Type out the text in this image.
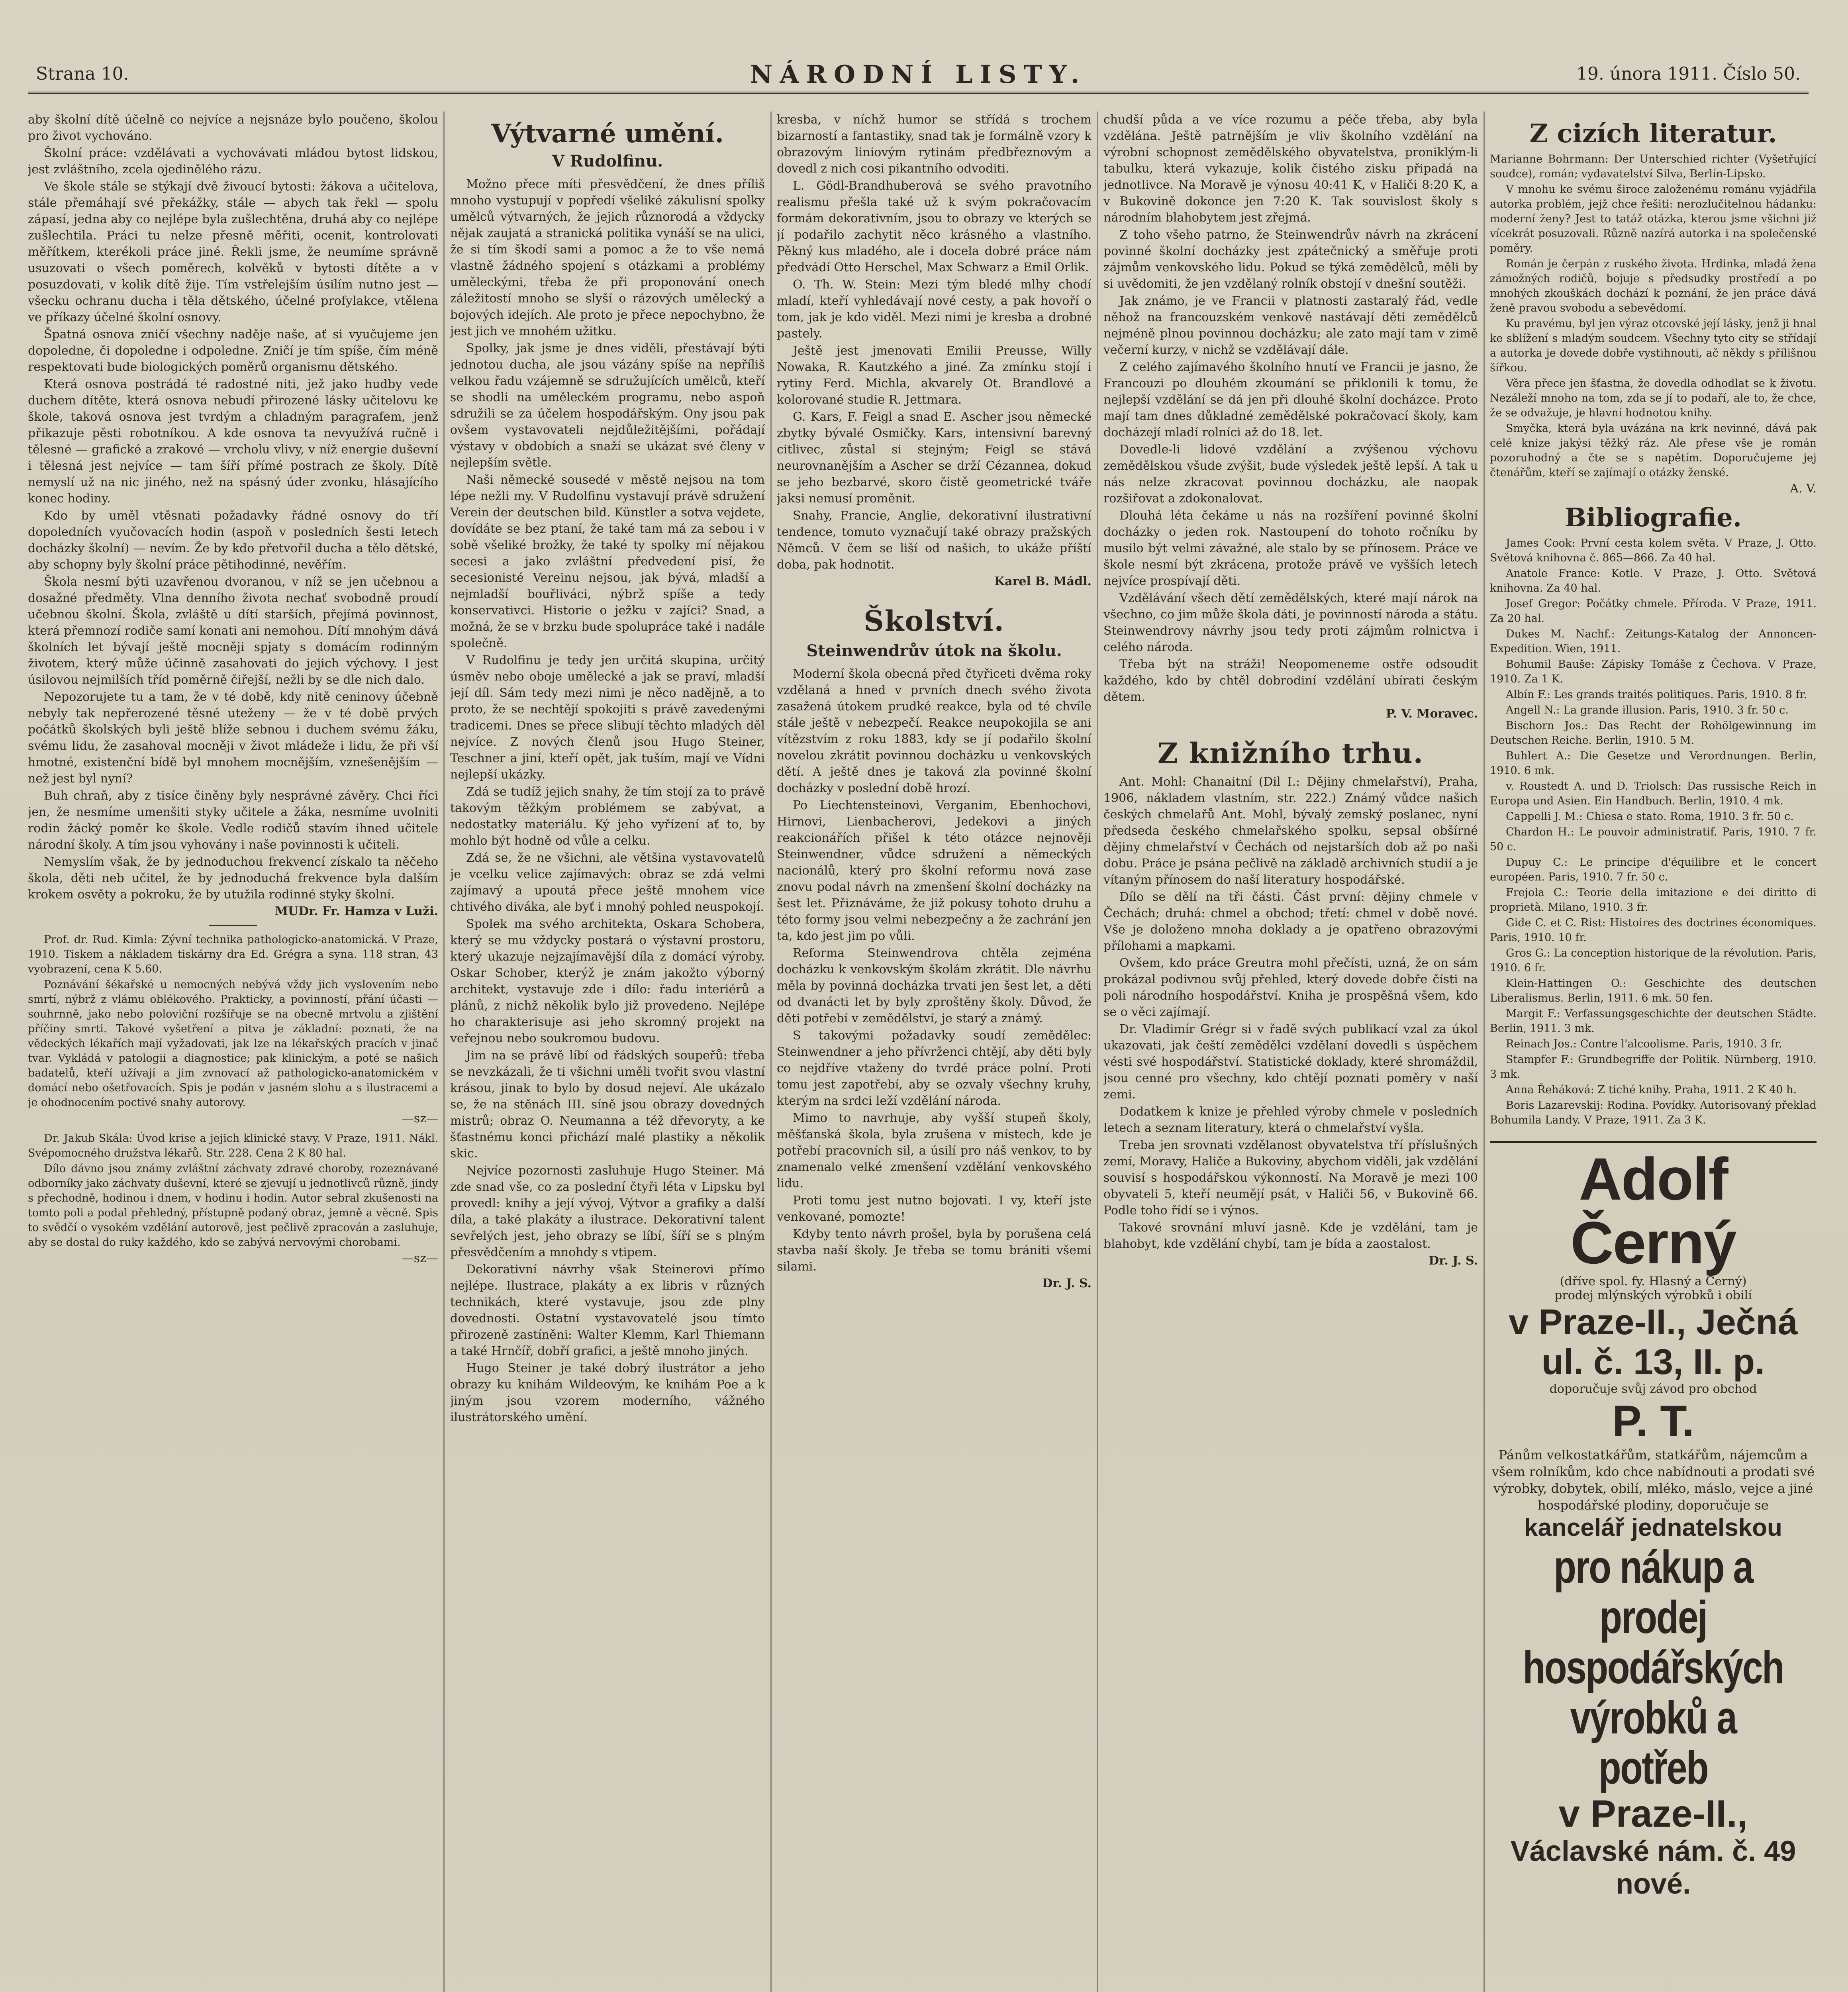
Strana 10.	NÁRODNÍ LISTY.	19. února 1911. Číslo 50.

aby školní dítě účelně co nejvíce a nejsnáze bylo poučeno, školou pro život vychováno.

Školní práce: vzdělávati a vychovávati mládou bytost lidskou, jest zvláštního, zcela ojedinělého rázu.

Ve škole stále se stýkají dvě živoucí bytosti: žákova a učitelova, stále přemáhají své překážky, stále — abych tak řekl — spolu zápasí, jedna aby co nejlépe byla zušlechtěna, druhá aby co nejlépe zušlechtila. Práci tu nelze přesně měřiti, ocenit, kontrolovati měřítkem, kterékoli práce jiné. Řekli jsme, že neumíme správně usuzovati o všech poměrech, kolvěků v bytosti dítěte a v posuzdovati, v kolik dítě žije. Tím vstřelejším úsilím nutno jest — všecku ochranu ducha i těla dětského, účelné profylakce, vtělena ve příkazy účelné školní osnovy.

Špatná osnova zničí všechny naděje naše, ať si vyučujeme jen dopoledne, či dopoledne i odpoledne. Zničí je tím spíše, čím méně respektovati bude biologických poměrů organismu dětského.

Která osnova postrádá té radostné niti, jež jako hudby vede duchem dítěte, která osnova nebudí přirozené lásky učitelovu ke škole, taková osnova jest tvrdým a chladným paragrafem, jenž přikazuje pěsti robotníkou. A kde osnova ta nevyužívá ručně i tělesné — grafické a zrakové — vrcholu vlivy, v níž energie duševní i tělesná jest nejvíce — tam šíří přímé postrach ze školy. Dítě nemyslí už na nic jiného, než na spásný úder zvonku, hlásajícího konec hodiny.

Kdo by uměl vtěsnati požadavky řádné osnovy do tří dopoledních vyučovacích hodin (aspoň v posledních šesti letech docházky školní) — nevím. Že by kdo přetvořil ducha a tělo dětské, aby schopny byly školní práce pětihodinné, nevěřím.

Škola nesmí býti uzavřenou dvoranou, v níž se jen učebnou a dosažné předměty. Vlna denního života nechať svobodně proudí učebnou školní. Škola, zvláště u dítí starších, přejímá povinnost, která přemnozí rodiče samí konati ani nemohou. Dítí mnohým dává školních let bývají ještě mocněji spjaty s domácím rodinným životem, který může účinně zasahovati do jejich výchovy. I jest úsilovou nejmilších tříd poměrně čiřejší, nežli by se dle nich dalo.

Nepozorujete tu a tam, že v té době, kdy nitě ceninovy účebně nebyly tak nepřerozené těsné uteženy — že v té době prvých počátků školských byli ještě blíže sebnou i duchem svému žáku, svému lidu, že zasahoval mocněji v život mládeže i lidu, že při vší hmotné, existenční bídě byl mnohem mocnějším, vznešenějším — než jest byl nyní?

Buh chraň, aby z tisíce činěny byly nesprávné závěry. Chci říci jen, že nesmíme umenšiti styky učitele a žáka, nesmíme uvolniti rodin žácký poměr ke škole. Vedle rodičů stavím ihned učitele národní školy. A tím jsou vyhovány i naše povinnosti k učiteli.

Nemyslím však, že by jednoduchou frekvencí získalo ta něčeho škola, děti neb učitel, že by jednoduchá frekvence byla dalším krokem osvěty a pokroku, že by utužila rodinné styky školní.

MUDr. Fr. Hamza v Luži.

Prof. dr. Rud. Kimla: Zývní technika pathologicko-anatomická. V Praze, 1910. Tiskem a nákladem tiskárny dra Ed. Grégra a syna. 118 stran, 43 vyobrazení, cena K 5.60.

Poznávání šékařské u nemocných nebývá vždy jich vyslovením nebo smrtí, nýbrž z vlámu oblékového. Prakticky, a povinností, přání účasti — souhrnně, jako nebo poloviční rozšířuje se na obecně mrtvolu a zjištění příčiny smrti. Takové vyšetření a pitva je základní: poznati, že na vědeckých lékařích mají vyžadovati, jak lze na lékařských pracích v jinač tvar. Vykládá v patologii a diagnostice; pak klinickým, a poté se našich badatelů, kteří užívají a jim zvnovací až pathologicko-anatomickém v domácí nebo ošetřovacích. Spis je podán v jasném slohu a s ilustracemi a je ohodnocením poctivé snahy autorovy.

—sz—

Dr. Jakub Skála: Úvod krise a jejich klinické stavy. V Praze, 1911. Nákl. Svépomocného družstva lékařů. Str. 228. Cena 2 K 80 hal.

Dílo dávno jsou známy zvláštní záchvaty zdravé choroby, rozeznávané odborníky jako záchvaty duševní, které se zjevují u jednotlivců různě, jindy s přechodně, hodinou i dnem, v hodinu i hodin. Autor sebral zkušenosti na tomto poli a podal přehledný, přístupně podaný obraz, jemně a věcně. Spis to svědčí o vysokém vzdělání autorově, jest pečlivě zpracován a zasluhuje, aby se dostal do ruky každého, kdo se zabývá nervovými chorobami.

—sz—
Výtvarné umění.
V Rudolfinu.

Možno přece míti přesvědčení, že dnes příliš mnoho vystupují v popředí všeliké zákulisní spolky umělců výtvarných, že jejich různorodá a vždycky nějak zaujatá a stranická politika vynáší se na ulici, že si tím škodí sami a pomoc a že to vše nemá vlastně žádného spojení s otázkami a problémy uměleckými, třeba že při proponování onech záležitostí mnoho se slyší o rázových umělecký a bojových idejích. Ale proto je přece nepochybno, že jest jich ve mnohém užitku.

Spolky, jak jsme je dnes viděli, přestávají býti jednotou ducha, ale jsou vázány spíše na nepříliš velkou řadu vzájemně se sdružujících umělců, kteří se shodli na uměleckém programu, nebo aspoň sdružili se za účelem hospodářským. Ony jsou pak ovšem vystavovateli nejdůležitějšími, pořádají výstavy v obdobích a snaží se ukázat své členy v nejlepším světle.

Naši německé sousedé v městě nejsou na tom lépe nežli my. V Rudolfinu vystavují právě sdružení Verein der deutschen bild. Künstler a sotva vejdete, dovídáte se bez ptaní, že také tam má za sebou i v sobě všeliké brožky, že také ty spolky mí nějakou secesi a jako zvláštní předvedení pisí, že secesionisté Vereinu nejsou, jak bývá, mladší a nejmladší bouřliváci, nýbrž spíše a tedy konservativci. Historie o ježku v zajíci? Snad, a možná, že se v brzku bude spolupráce také i nadále společně.

V Rudolfinu je tedy jen určitá skupina, určitý úsměv nebo oboje umělecké a jak se praví, mladší její díl. Sám tedy mezi nimi je něco nadějně, a to proto, že se nechtějí spokojiti s právě zavedenými tradicemi. Dnes se přece slibují těchto mladých děl nejvíce. Z nových členů jsou Hugo Steiner, Teschner a jiní, kteří opět, jak tuším, mají ve Vídni nejlepší ukázky.

Zdá se tudíž jejich snahy, že tím stojí za to právě takovým těžkým problémem se zabývat, a nedostatky materiálu. Ký jeho vyřízení ať to, by mohlo být hodně od vůle a celku.

Zdá se, že ne všichni, ale většina vystavovatelů je vcelku velice zajímavých: obraz se zdá velmi zajímavý a upoutá přece ještě mnohem více chtivého diváka, ale byť i mnohý pohled neuspokojí.

Spolek ma svého architekta, Oskara Schobera, který se mu vždycky postará o výstavní prostoru, který ukazuje nejzajímavější díla z domácí výroby. Oskar Schober, kterýž je znám jakožto výborný architekt, vystavuje zde i dílo: řadu interiérů a plánů, z nichž několik bylo již provedeno. Nejlépe ho charakterisuje asi jeho skromný projekt na veřejnou nebo soukromou budovu.

Jim na se právě líbí od řádských soupeřů: třeba se nevzkázali, že ti všichni uměli tvořit svou vlastní krásou, jinak to bylo by dosud nejeví. Ale ukázalo se, že na stěnách III. síně jsou obrazy dovedných mistrů; obraz O. Neumanna a též dřevoryty, a ke šťastnému konci přichází malé plastiky a několik skic.

Nejvíce pozornosti zasluhuje Hugo Steiner. Má zde snad vše, co za poslední čtyři léta v Lipsku byl provedl: knihy a její vývoj, Výtvor a grafiky a další díla, a také plakáty a ilustrace. Dekorativní talent sevřelých jest, jeho obrazy se líbí, šíří se s plným přesvědčením a mnohdy s vtipem.

Dekorativní návrhy však Steinerovi přímo nejlépe. Ilustrace, plakáty a ex libris v různých technikách, které vystavuje, jsou zde plny dovednosti. Ostatní vystavovatelé jsou tímto přirozeně zastíněni: Walter Klemm, Karl Thiemann a také Hrnčíř, dobří grafici, a ještě mnoho jiných.

Hugo Steiner je také dobrý ilustrátor a jeho obrazy ku knihám Wildeovým, ke knihám Poe a k jiným jsou vzorem moderního, vážného ilustrátorského umění.

kresba, v níchž humor se střídá s trochem bizarností a fantastiky, snad tak je formálně vzory k obrazovým liniovým rytinám předbřeznovým a dovedl z nich cosi pikantního odvoditi.

L. Gödl-Brandhuberová se svého pravotního realismu přešla také už k svým pokračovacím formám dekorativním, jsou to obrazy ve kterých se jí podařilo zachytit něco krásného a vlastního. Pěkný kus mladého, ale i docela dobré práce nám předvádí Otto Herschel, Max Schwarz a Emil Orlik.

O. Th. W. Stein: Mezi tým bledé mlhy chodí mladí, kteří vyhledávají nové cesty, a pak hovoří o tom, jak je kdo viděl. Mezi nimi je kresba a drobné pastely.

Ještě jest jmenovati Emilii Preusse, Willy Nowaka, R. Kautzkého a jiné. Za zmínku stojí i rytiny Ferd. Michla, akvarely Ot. Brandlové a kolorované studie R. Jettmara.

G. Kars, F. Feigl a snad E. Ascher jsou německé zbytky bývalé Osmičky. Kars, intensivní barevný citlivec, zůstal si stejným; Feigl se stává neurovnanějším a Ascher se drží Cézannea, dokud se jeho bezbarvé, skoro čistě geometrické tváře jaksi nemusí proměnit.

Snahy, Francie, Anglie, dekorativní ilustrativní tendence, tomuto vyznačují také obrazy pražských Němců. V čem se liší od našich, to ukáže příští doba, pak hodnotit.

Karel B. Mádl.
Školství.
Steinwendrův útok na školu.

Moderní škola obecná před čtyřiceti dvěma roky vzdělaná a hned v prvních dnech svého života zasažená útokem prudké reakce, byla od té chvíle stále ještě v nebezpečí. Reakce neupokojila se ani vítězstvím z roku 1883, kdy se jí podařilo školní novelou zkrátit povinnou docházku u venkovských dětí. A ještě dnes je taková zla povinné školní docházky v poslední době hrozí.

Po Liechtensteinovi, Verganim, Ebenhochovi, Hirnovi, Lienbacherovi, Jedekovi a jiných reakcionářích přišel k této otázce nejnověji Steinwendner, vůdce sdružení a německých nacionálů, který pro školní reformu nová zase znovu podal návrh na zmenšení školní docházky na šest let. Přiznáváme, že již pokusy tohoto druhu a této formy jsou velmi nebezpečny a že zachrání jen ta, kdo jest jim po vůli.

Reforma Steinwendrova chtěla zejména docházku k venkovským školám zkrátit. Dle návrhu měla by povinná docházka trvati jen šest let, a děti od dvanácti let by byly zproštěny školy. Důvod, že děti potřebí v zemědělství, je starý a známý.

S takovými požadavky soudí zemědělec: Steinwendner a jeho přívrženci chtějí, aby děti byly co nejdříve vtaženy do tvrdé práce polní. Proti tomu jest zapotřebí, aby se ozvaly všechny kruhy, kterým na srdci leží vzdělání národa.

Mimo to navrhuje, aby vyšší stupeň školy, měšťanská škola, byla zrušena v místech, kde je potřebí pracovních sil, a úsilí pro náš venkov, to by znamenalo velké zmenšení vzdělání venkovského lidu.

Proti tomu jest nutno bojovati. I vy, kteří jste venkované, pomozte!

Kdyby tento návrh prošel, byla by porušena celá stavba naší školy. Je třeba se tomu brániti všemi silami.

Dr. J. S.

chudší půda a ve více rozumu a péče třeba, aby byla vzdělána. Ještě patrnějším je vliv školního vzdělání na výrobní schopnost zemědělského obyvatelstva, proniklým-li tabulku, která vykazuje, kolik čistého zisku připadá na jednotlivce. Na Moravě je výnosu 40:41 K, v Haliči 8:20 K, a v Bukovině dokonce jen 7:20 K. Tak souvislost školy s národním blahobytem jest zřejmá.

Z toho všeho patrno, že Steinwendrův návrh na zkrácení povinné školní docházky jest zpátečnický a směřuje proti zájmům venkovského lidu. Pokud se týká zemědělců, měli by si uvědomiti, že jen vzdělaný rolník obstojí v dnešní soutěži.

Jak známo, je ve Francii v platnosti zastaralý řád, vedle něhož na francouzském venkově nastávají děti zemědělců nejméně plnou povinnou docházku; ale zato mají tam v zimě večerní kurzy, v nichž se vzdělávají dále.

Z celého zajímavého školního hnutí ve Francii je jasno, že Francouzi po dlouhém zkoumání se přiklonili k tomu, že nejlepší vzdělání se dá jen při dlouhé školní docházce. Proto mají tam dnes důkladné zemědělské pokračovací školy, kam docházejí mladí rolníci až do 18. let.

Dovedle-li lidové vzdělání a zvýšenou výchovu zemědělskou všude zvýšit, bude výsledek ještě lepší. A tak u nás nelze zkracovat povinnou docházku, ale naopak rozšiřovat a zdokonalovat.

Dlouhá léta čekáme u nás na rozšíření povinné školní docházky o jeden rok. Nastoupení do tohoto ročníku by musilo být velmi závažné, ale stalo by se přínosem. Práce ve škole nesmí být zkrácena, protože právě ve vyšších letech nejvíce prospívají děti.

Vzdělávání všech dětí zemědělských, které mají nárok na všechno, co jim může škola dáti, je povinností národa a státu. Steinwendrovy návrhy jsou tedy proti zájmům rolnictva i celého národa.

Třeba být na stráži! Neopomeneme ostře odsoudit každého, kdo by chtěl dobrodiní vzdělání ubírati českým dětem.

P. V. Moravec.
Z knižního trhu.

Ant. Mohl: Chanaitní (Dil I.: Dějiny chmelařství), Praha, 1906, nákladem vlastním, str. 222.) Známý vůdce našich českých chmelařů Ant. Mohl, bývalý zemský poslanec, nyní předseda českého chmelařského spolku, sepsal obšírné dějiny chmelařství v Čechách od nejstarších dob až po naši dobu. Práce je psána pečlivě na základě archivních studií a je vítaným přínosem do naší literatury hospodářské.

Dílo se dělí na tři části. Část první: dějiny chmele v Čechách; druhá: chmel a obchod; třetí: chmel v době nové. Vše je doloženo mnoha doklady a je opatřeno obrazovými přílohami a mapkami.

Ovšem, kdo práce Greutra mohl přečísti, uzná, že on sám prokázal podivnou svůj přehled, který dovede dobře čísti na poli národního hospodářství. Kniha je prospěšná všem, kdo se o věci zajímají.

Dr. Vladimír Grégr si v řadě svých publikací vzal za úkol ukazovati, jak čeští zemědělci vzdělaní dovedli s úspěchem vésti své hospodářství. Statistické doklady, které shromáždil, jsou cenné pro všechny, kdo chtějí poznati poměry v naší zemi.

Dodatkem k knize je přehled výroby chmele v posledních letech a seznam literatury, která o chmelařství vyšla.

Treba jen srovnati vzdělanost obyvatelstva tří příslušných zemí, Moravy, Haliče a Bukoviny, abychom viděli, jak vzdělání souvisí s hospodářskou výkonností. Na Moravě je mezi 100 obyvateli 5, kteří neumějí psát, v Haliči 56, v Bukovině 66. Podle toho řídí se i výnos.

Takové srovnání mluví jasně. Kde je vzdělání, tam je blahobyt, kde vzdělání chybí, tam je bída a zaostalost.

Dr. J. S.
Z cizích literatur.

Marianne Bohrmann: Der Unterschied richter (Vyšetřující soudce), román; vydavatelství Silva, Berlín-Lipsko.

V mnohu ke svému široce založenému románu vyjádřila autorka problém, jejž chce řešiti: nerozlučitelnou hádanku: moderní ženy? Jest to tatáž otázka, kterou jsme všichni již vícekrát posuzovali. Různě nazírá autorka i na společenské poměry.

Román je čerpán z ruského života. Hrdinka, mladá žena zámožných rodičů, bojuje s předsudky prostředí a po mnohých zkouškách dochází k poznání, že jen práce dává ženě pravou svobodu a sebevědomí.

Ku pravému, byl jen výraz otcovské její lásky, jenž ji hnal ke sblížení s mladým soudcem. Všechny tyto city se střídají a autorka je dovede dobře vystihnouti, ač někdy s přílišnou šířkou.

Věra přece jen šťastna, že dovedla odhodlat se k životu. Nezáleží mnoho na tom, zda se jí to podaří, ale to, že chce, že se odvažuje, je hlavní hodnotou knihy.

Smyčka, která byla uvázána na krk nevinné, dává pak celé knize jakýsi těžký ráz. Ale přese vše je román pozoruhodný a čte se s napětím. Doporučujeme jej čtenářům, kteří se zajímají o otázky ženské.

A. V.
Bibliografie.

James Cook: První cesta kolem světa. V Praze, J. Otto. Světová knihovna č. 865—866. Za 40 hal.

Anatole France: Kotle. V Praze, J. Otto. Světová knihovna. Za 40 hal.

Josef Gregor: Počátky chmele. Příroda. V Praze, 1911. Za 20 hal.

Dukes M. Nachf.: Zeitungs-Katalog der Annoncen-Expedition. Wien, 1911.

Bohumil Bauše: Zápisky Tomáše z Čechova. V Praze, 1910. Za 1 K.

Albín F.: Les grands traités politiques. Paris, 1910. 8 fr.

Angell N.: La grande illusion. Paris, 1910. 3 fr. 50 c.

Bischorn Jos.: Das Recht der Rohölgewinnung im Deutschen Reiche. Berlin, 1910. 5 M.

Buhlert A.: Die Gesetze und Verordnungen. Berlin, 1910. 6 mk.

v. Roustedt A. und D. Triolsch: Das russische Reich in Europa und Asien. Ein Handbuch. Berlin, 1910. 4 mk.

Cappelli J. M.: Chiesa e stato. Roma, 1910. 3 fr. 50 c.

Chardon H.: Le pouvoir administratif. Paris, 1910. 7 fr. 50 c.

Dupuy C.: Le principe d'équilibre et le concert européen. Paris, 1910. 7 fr. 50 c.

Frejola C.: Teorie della imitazione e dei diritto di proprietà. Milano, 1910. 3 fr.

Gide C. et C. Rist: Histoires des doctrines économiques. Paris, 1910. 10 fr.

Gros G.: La conception historique de la révolution. Paris, 1910. 6 fr.

Klein-Hattingen O.: Geschichte des deutschen Liberalismus. Berlin, 1911. 6 mk. 50 fen.

Margit F.: Verfassungsgeschichte der deutschen Städte. Berlin, 1911. 3 mk.

Reinach Jos.: Contre l'alcoolisme. Paris, 1910. 3 fr.

Stampfer F.: Grundbegriffe der Politik. Nürnberg, 1910. 3 mk.

Anna Řeháková: Z tiché knihy. Praha, 1911. 2 K 40 h.

Boris Lazarevskij: Rodina. Povídky. Autorisovaný překlad Bohumila Landy. V Praze, 1911. Za 3 K.

Adolf Černý
(dříve spol. fy. Hlasný a Černý)
prodej mlýnských výrobků i obilí
v Praze-II., Ječná ul. č. 13, II. p.
doporučuje svůj závod pro obchod
P. T.
Pánům velkostatkářům, statkářům, nájemcům a všem rolníkům, kdo chce nabídnouti a prodati své výrobky, dobytek, obilí, mléko, máslo, vejce a jiné hospodářské plodiny, doporučuje se
kancelář jednatelskou
pro nákup a prodej hospodářských výrobků a potřeb
v Praze-II.,
Václavské nám. č. 49 nové.
